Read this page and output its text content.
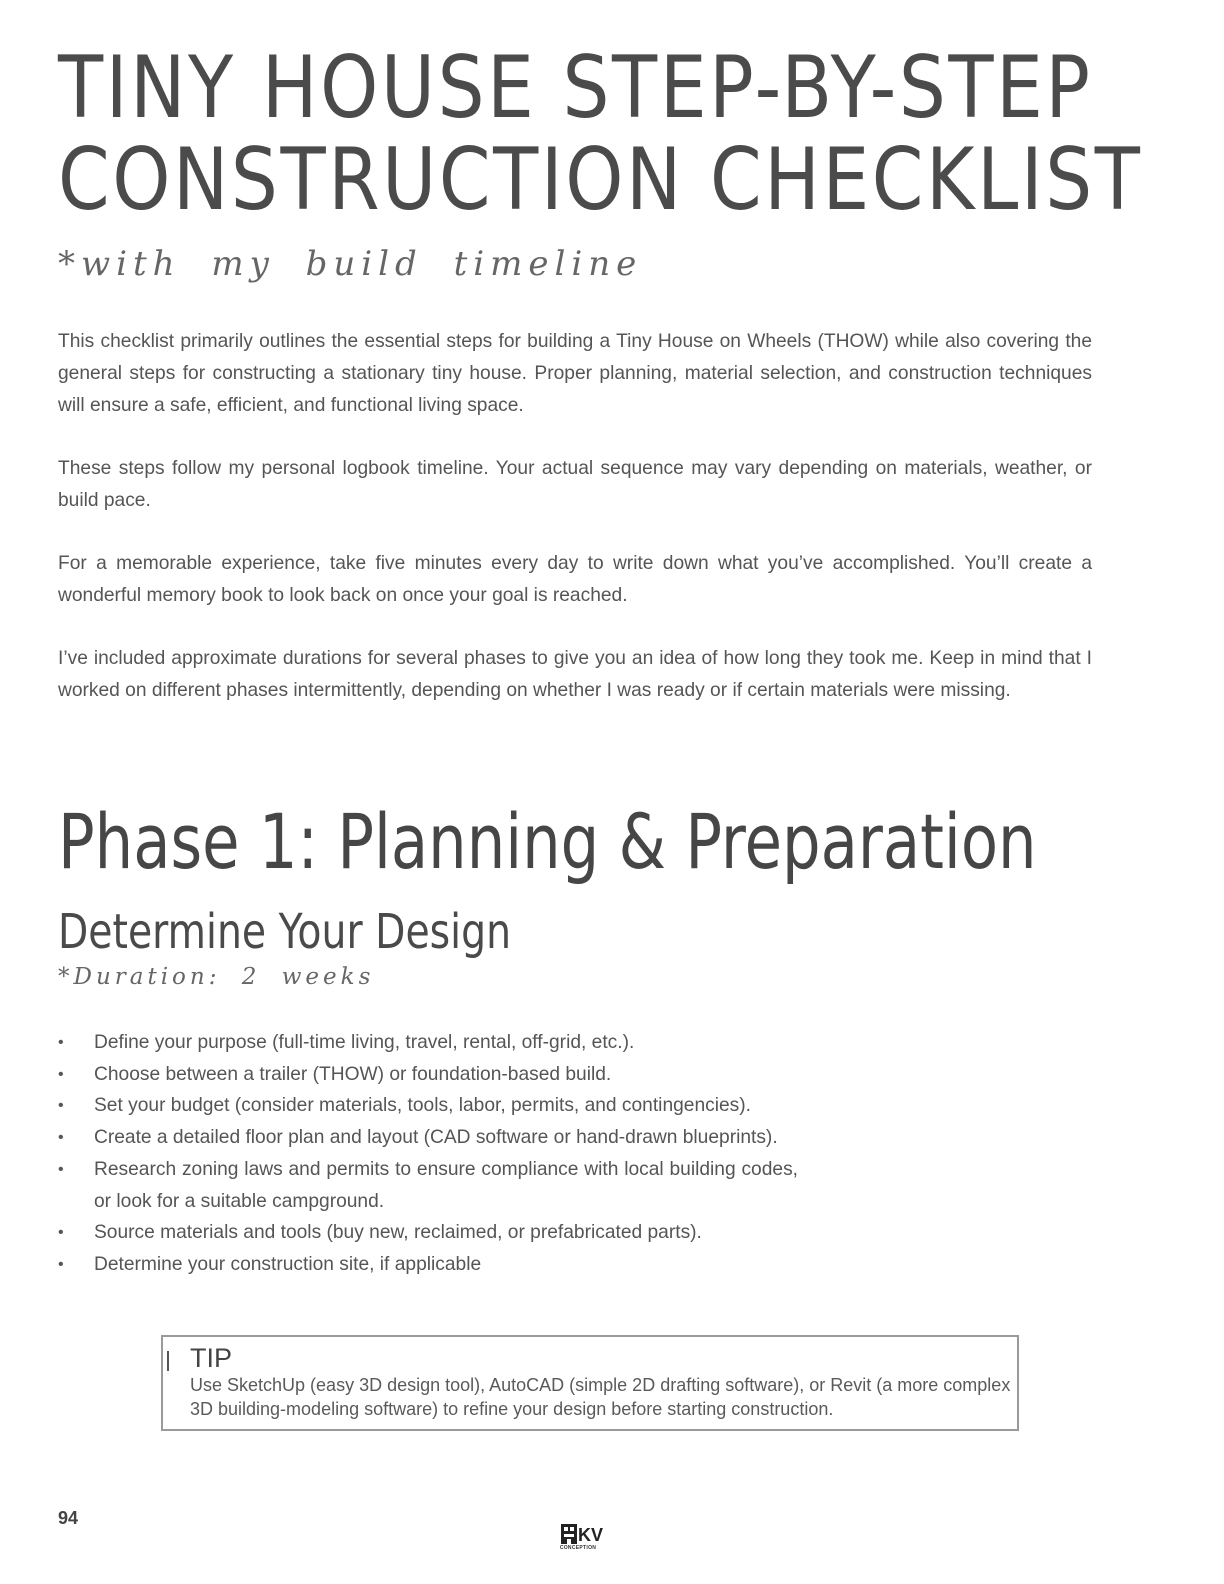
TINY HOUSE STEP-BY-STEP
CONSTRUCTION CHECKLIST

*with my build timeline

This checklist primarily outlines the essential steps for building a Tiny House on Wheels (THOW) while also covering the general steps for constructing a stationary tiny house. Proper planning, material selection, and construction techniques will ensure a safe, efficient, and functional living space.

These steps follow my personal logbook timeline. Your actual sequence may vary depending on materials, weather, or build pace.

For a memorable experience, take five minutes every day to write down what you’ve accomplished. You’ll create a wonderful memory book to look back on once your goal is reached.

I’ve included approximate durations for several phases to give you an idea of how long they took me. Keep in mind that I worked on different phases intermittently, depending on whether I was ready or if certain materials were missing.

Phase 1: Planning & Preparation
Determine Your Design

*Duration: 2 weeks

• Define your purpose (full-time living, travel, rental, off-grid, etc.).
• Choose between a trailer (THOW) or foundation-based build.
• Set your budget (consider materials, tools, labor, permits, and contingencies).
• Create a detailed floor plan and layout (CAD software or hand-drawn blueprints).
• Research zoning laws and permits to ensure compliance with local building codes, or look for a suitable campground.
• Source materials and tools (buy new, reclaimed, or prefabricated parts).
• Determine your construction site, if applicable
TIP

Use SketchUp (easy 3D design tool), AutoCAD (simple 2D drafting software), or Revit (a more complex 3D building-modeling software) to refine your design before starting construction.

94
KV
CONCEPTION
